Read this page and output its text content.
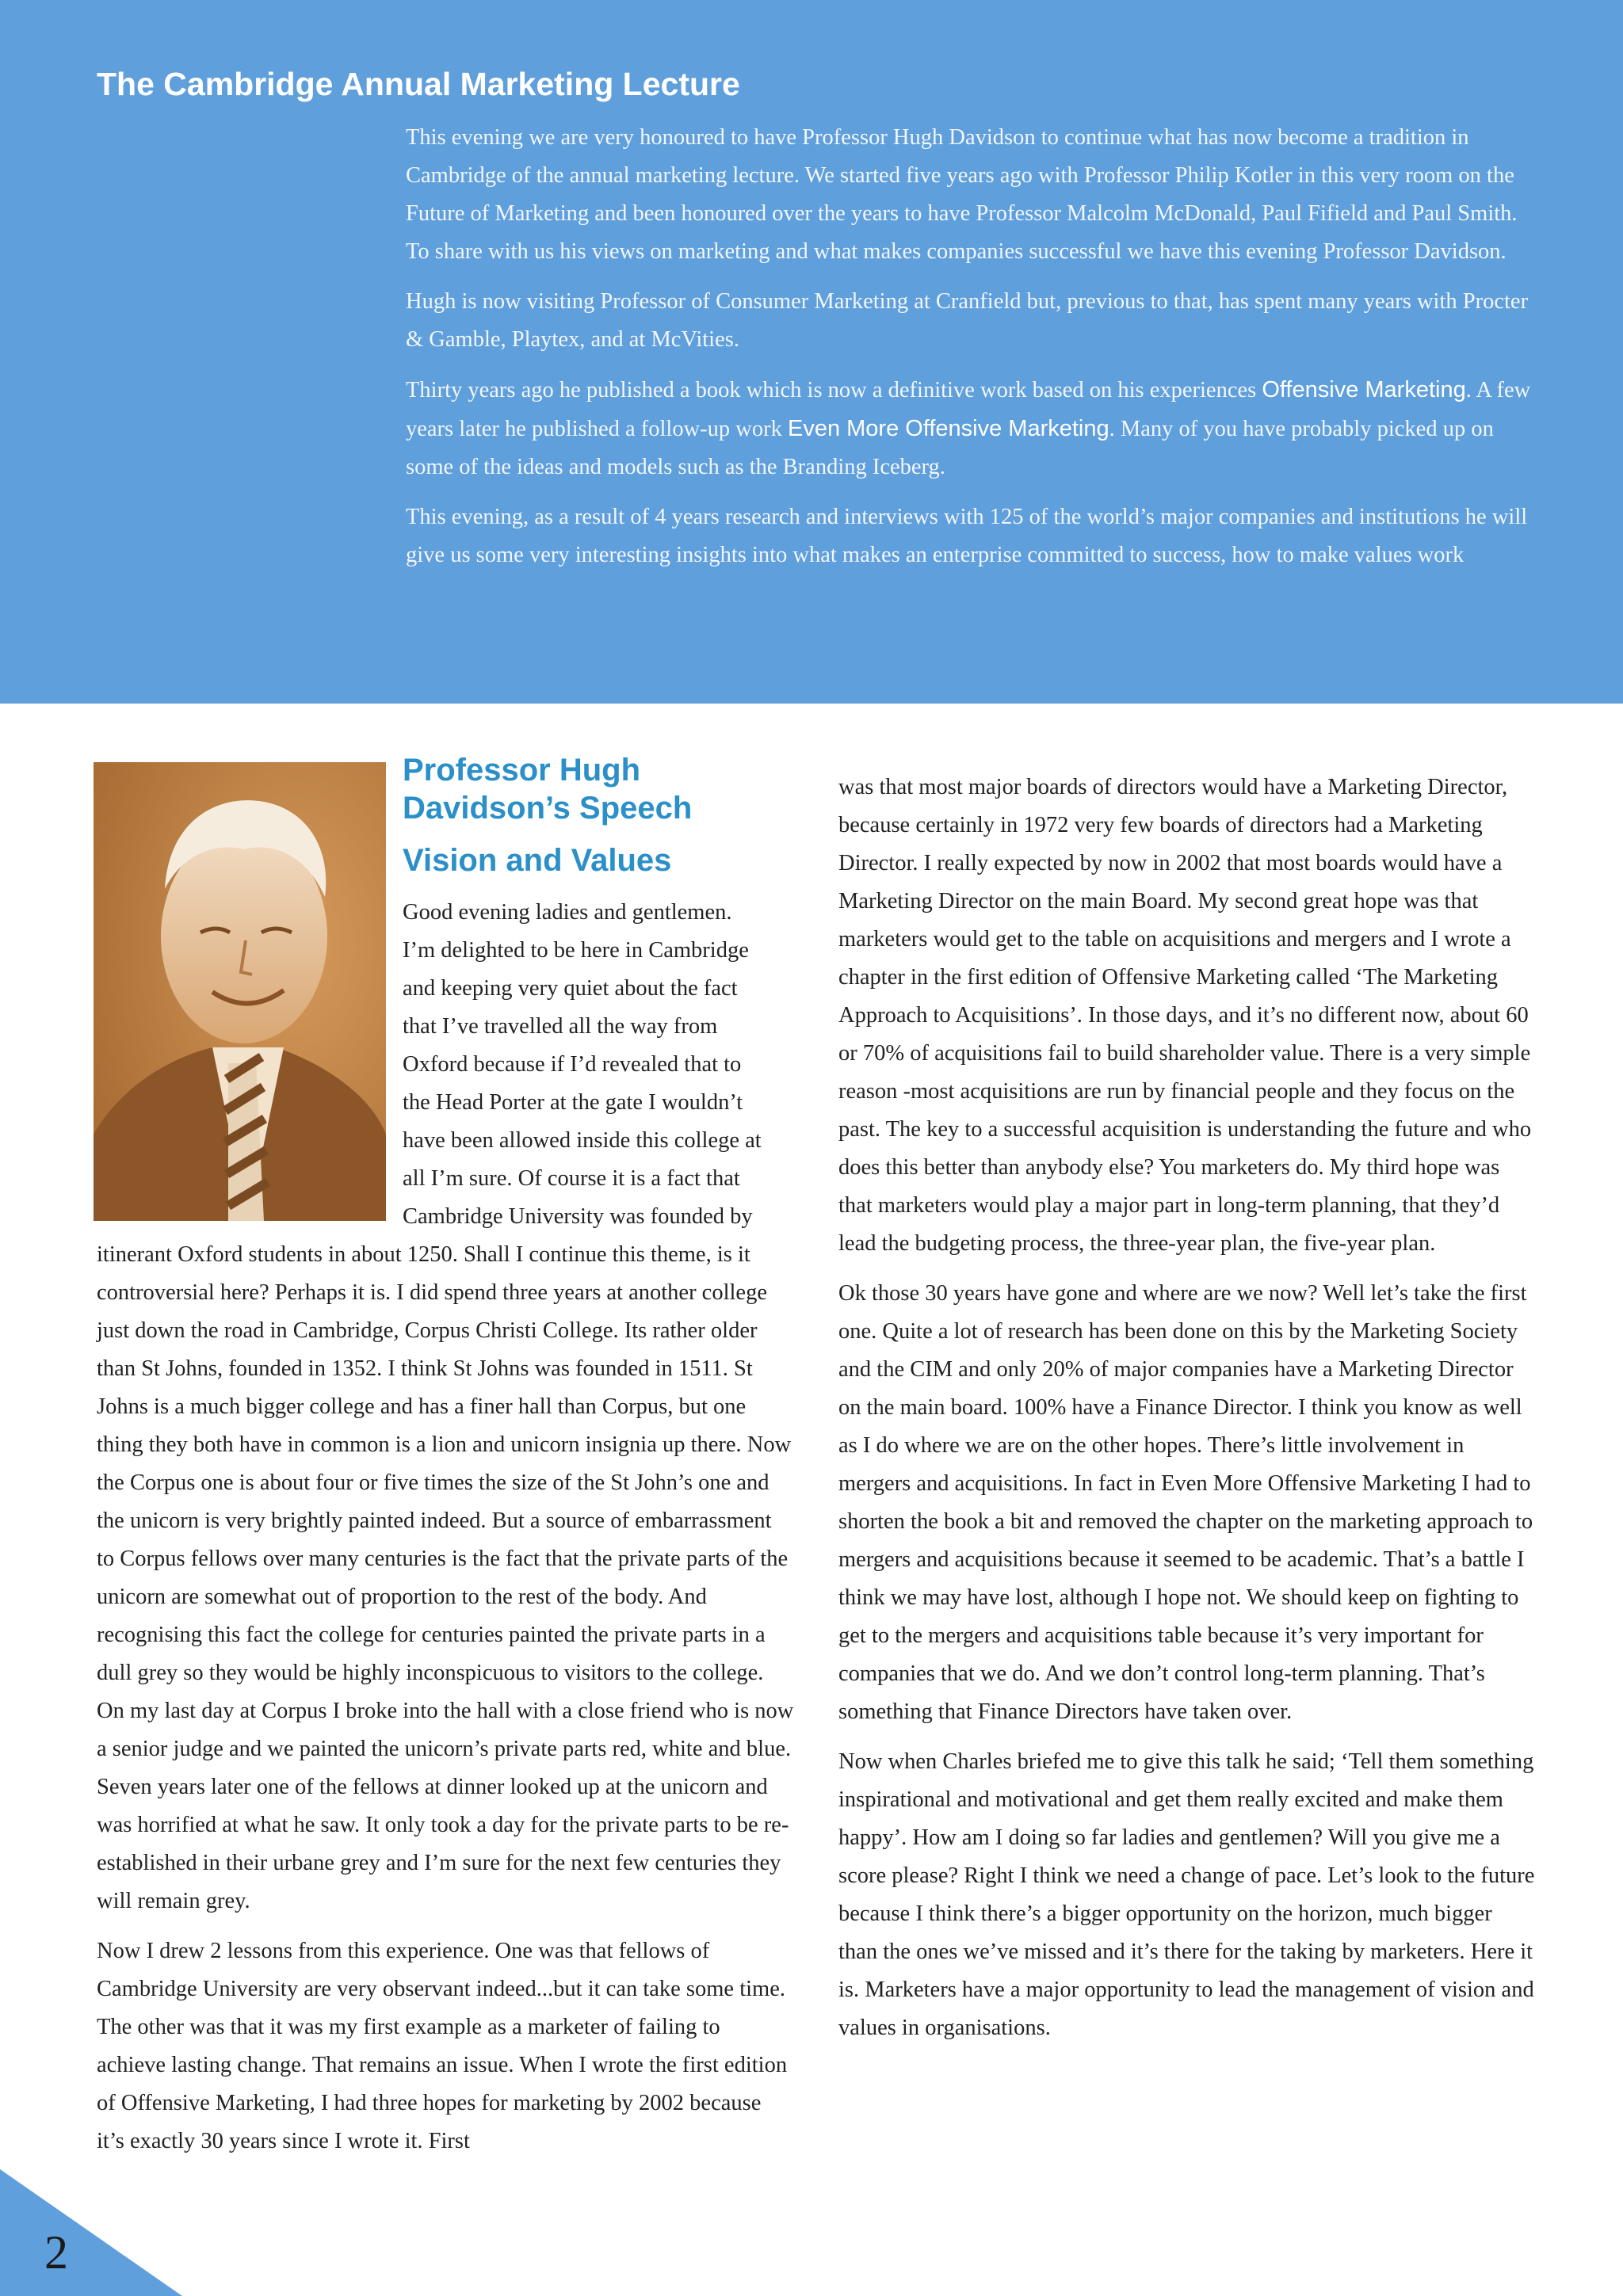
The Cambridge Annual Marketing Lecture

This evening we are very honoured to have Professor Hugh Davidson to continue what has now become a tradition in Cambridge of the annual marketing lecture. We started five years ago with Professor Philip Kotler in this very room on the Future of Marketing and been honoured over the years to have Professor Malcolm McDonald, Paul Fifield and Paul Smith.

To share with us his views on marketing and what makes companies successful we have this evening Professor Davidson.

Hugh is now visiting Professor of Consumer Marketing at Cranfield but, previous to that, has spent many years with Procter & Gamble, Playtex, and at McVities.

Thirty years ago he published a book which is now a definitive work based on his experiences Offensive Marketing. A few years later he published a follow-up work Even More Offensive Marketing. Many of you have probably picked up on some of the ideas and models such as the Branding Iceberg.

This evening, as a result of 4 years research and interviews with 125 of the world’s major companies and institutions he will give us some very interesting insights into what makes an enterprise committed to success, how to make values work

Professor Hugh Davidson’s Speech
Vision and Values
Good evening ladies and gentlemen.
I’m delighted to be here in Cambridge
and keeping very quiet about the fact
that I’ve travelled all the way from
Oxford because if I’d revealed that to
the Head Porter at the gate I wouldn’t
have been allowed inside this college at
all I’m sure. Of course it is a fact that
Cambridge University was founded by

itinerant Oxford students in about 1250. Shall I continue this theme, is it controversial here? Perhaps it is. I did spend three years at another college just down the road in Cambridge, Corpus Christi College. Its rather older than St Johns, founded in 1352. I think St Johns was founded in 1511. St Johns is a much bigger college and has a finer hall than Corpus, but one thing they both have in common is a lion and unicorn insignia up there. Now the Corpus one is about four or five times the size of the St John’s one and the unicorn is very brightly painted indeed. But a source of embarrassment to Corpus fellows over many centuries is the fact that the private parts of the unicorn are somewhat out of proportion to the rest of the body. And recognising this fact the college for centuries painted the private parts in a dull grey so they would be highly inconspicuous to visitors to the college. On my last day at Corpus I broke into the hall with a close friend who is now a senior judge and we painted the unicorn’s private parts red, white and blue. Seven years later one of the fellows at dinner looked up at the unicorn and was horrified at what he saw. It only took a day for the private parts to be re-established in their urbane grey and I’m sure for the next few centuries they will remain grey.

Now I drew 2 lessons from this experience. One was that fellows of Cambridge University are very observant indeed...but it can take some time. The other was that it was my first example as a marketer of failing to achieve lasting change. That remains an issue. When I wrote the first edition of Offensive Marketing, I had three hopes for marketing by 2002 because it’s exactly 30 years since I wrote it. First

was that most major boards of directors would have a Marketing Director, because certainly in 1972 very few boards of directors had a Marketing Director. I really expected by now in 2002 that most boards would have a Marketing Director on the main Board. My second great hope was that marketers would get to the table on acquisitions and mergers and I wrote a chapter in the first edition of Offensive Marketing called ‘The Marketing Approach to Acquisitions’. In those days, and it’s no different now, about 60 or 70% of acquisitions fail to build shareholder value. There is a very simple reason -most acquisitions are run by financial people and they focus on the past. The key to a successful acquisition is understanding the future and who does this better than anybody else? You marketers do. My third hope was that marketers would play a major part in long-term planning, that they’d lead the budgeting process, the three-year plan, the five-year plan.

Ok those 30 years have gone and where are we now? Well let’s take the first one. Quite a lot of research has been done on this by the Marketing Society and the CIM and only 20% of major companies have a Marketing Director on the main board. 100% have a Finance Director. I think you know as well as I do where we are on the other hopes. There’s little involvement in mergers and acquisitions. In fact in Even More Offensive Marketing I had to shorten the book a bit and removed the chapter on the marketing approach to mergers and acquisitions because it seemed to be academic. That’s a battle I think we may have lost, although I hope not. We should keep on fighting to get to the mergers and acquisitions table because it’s very important for companies that we do. And we don’t control long-term planning. That’s something that Finance Directors have taken over.

Now when Charles briefed me to give this talk he said; ‘Tell them something inspirational and motivational and get them really excited and make them happy’. How am I doing so far ladies and gentlemen? Will you give me a score please? Right I think we need a change of pace. Let’s look to the future because I think there’s a bigger opportunity on the horizon, much bigger than the ones we’ve missed and it’s there for the taking by marketers. Here it is. Marketers have a major opportunity to lead the management of vision and values in organisations.

2
